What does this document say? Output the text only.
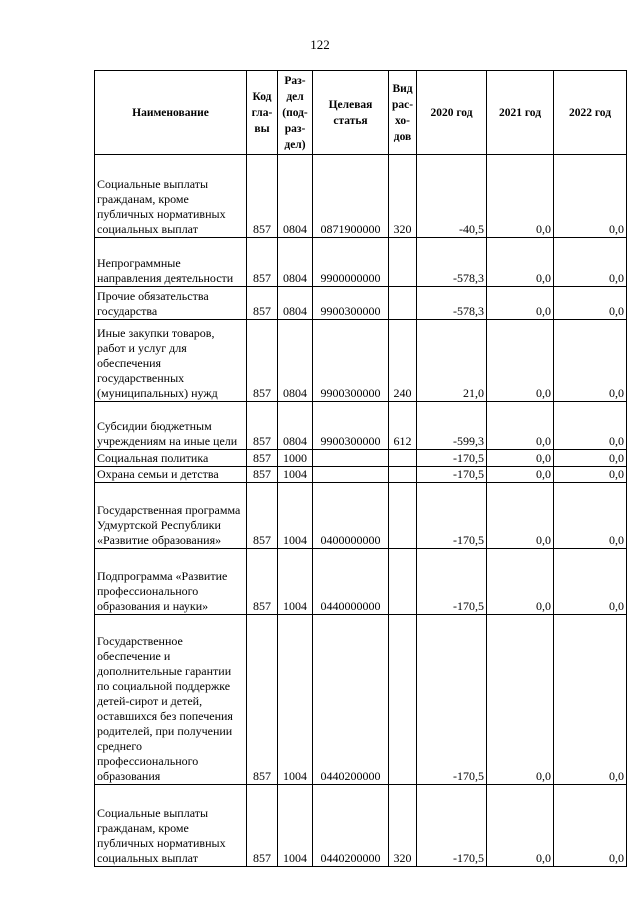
122
Наименование	Код гла- вы	Раз- дел (под- раз- дел)	Целевая статья	Вид рас- хо- дов	2020 год	2021 год	2022 год
Социальные выплаты гражданам, кроме публичных нормативных социальных выплат	857	0804	0871900000	320	-40,5	0,0	0,0
Непрограммные направления деятельности	857	0804	9900000000		-578,3	0,0	0,0
Прочие обязательства государства	857	0804	9900300000		-578,3	0,0	0,0
Иные закупки товаров, работ и услуг для обеспечения государственных (муниципальных) нужд	857	0804	9900300000	240	21,0	0,0	0,0
Субсидии бюджетным учреждениям на иные цели	857	0804	9900300000	612	-599,3	0,0	0,0
Социальная политика	857	1000			-170,5	0,0	0,0
Охрана семьи и детства	857	1004			-170,5	0,0	0,0
Государственная программа Удмуртской Республики «Развитие образования»	857	1004	0400000000		-170,5	0,0	0,0
Подпрограмма «Развитие профессионального образования и науки»	857	1004	0440000000		-170,5	0,0	0,0
Государственное обеспечение и дополнительные гарантии по социальной поддержке детей-сирот и детей, оставшихся без попечения родителей, при получении среднего профессионального образования	857	1004	0440200000		-170,5	0,0	0,0
Социальные выплаты гражданам, кроме публичных нормативных социальных выплат	857	1004	0440200000	320	-170,5	0,0	0,0
